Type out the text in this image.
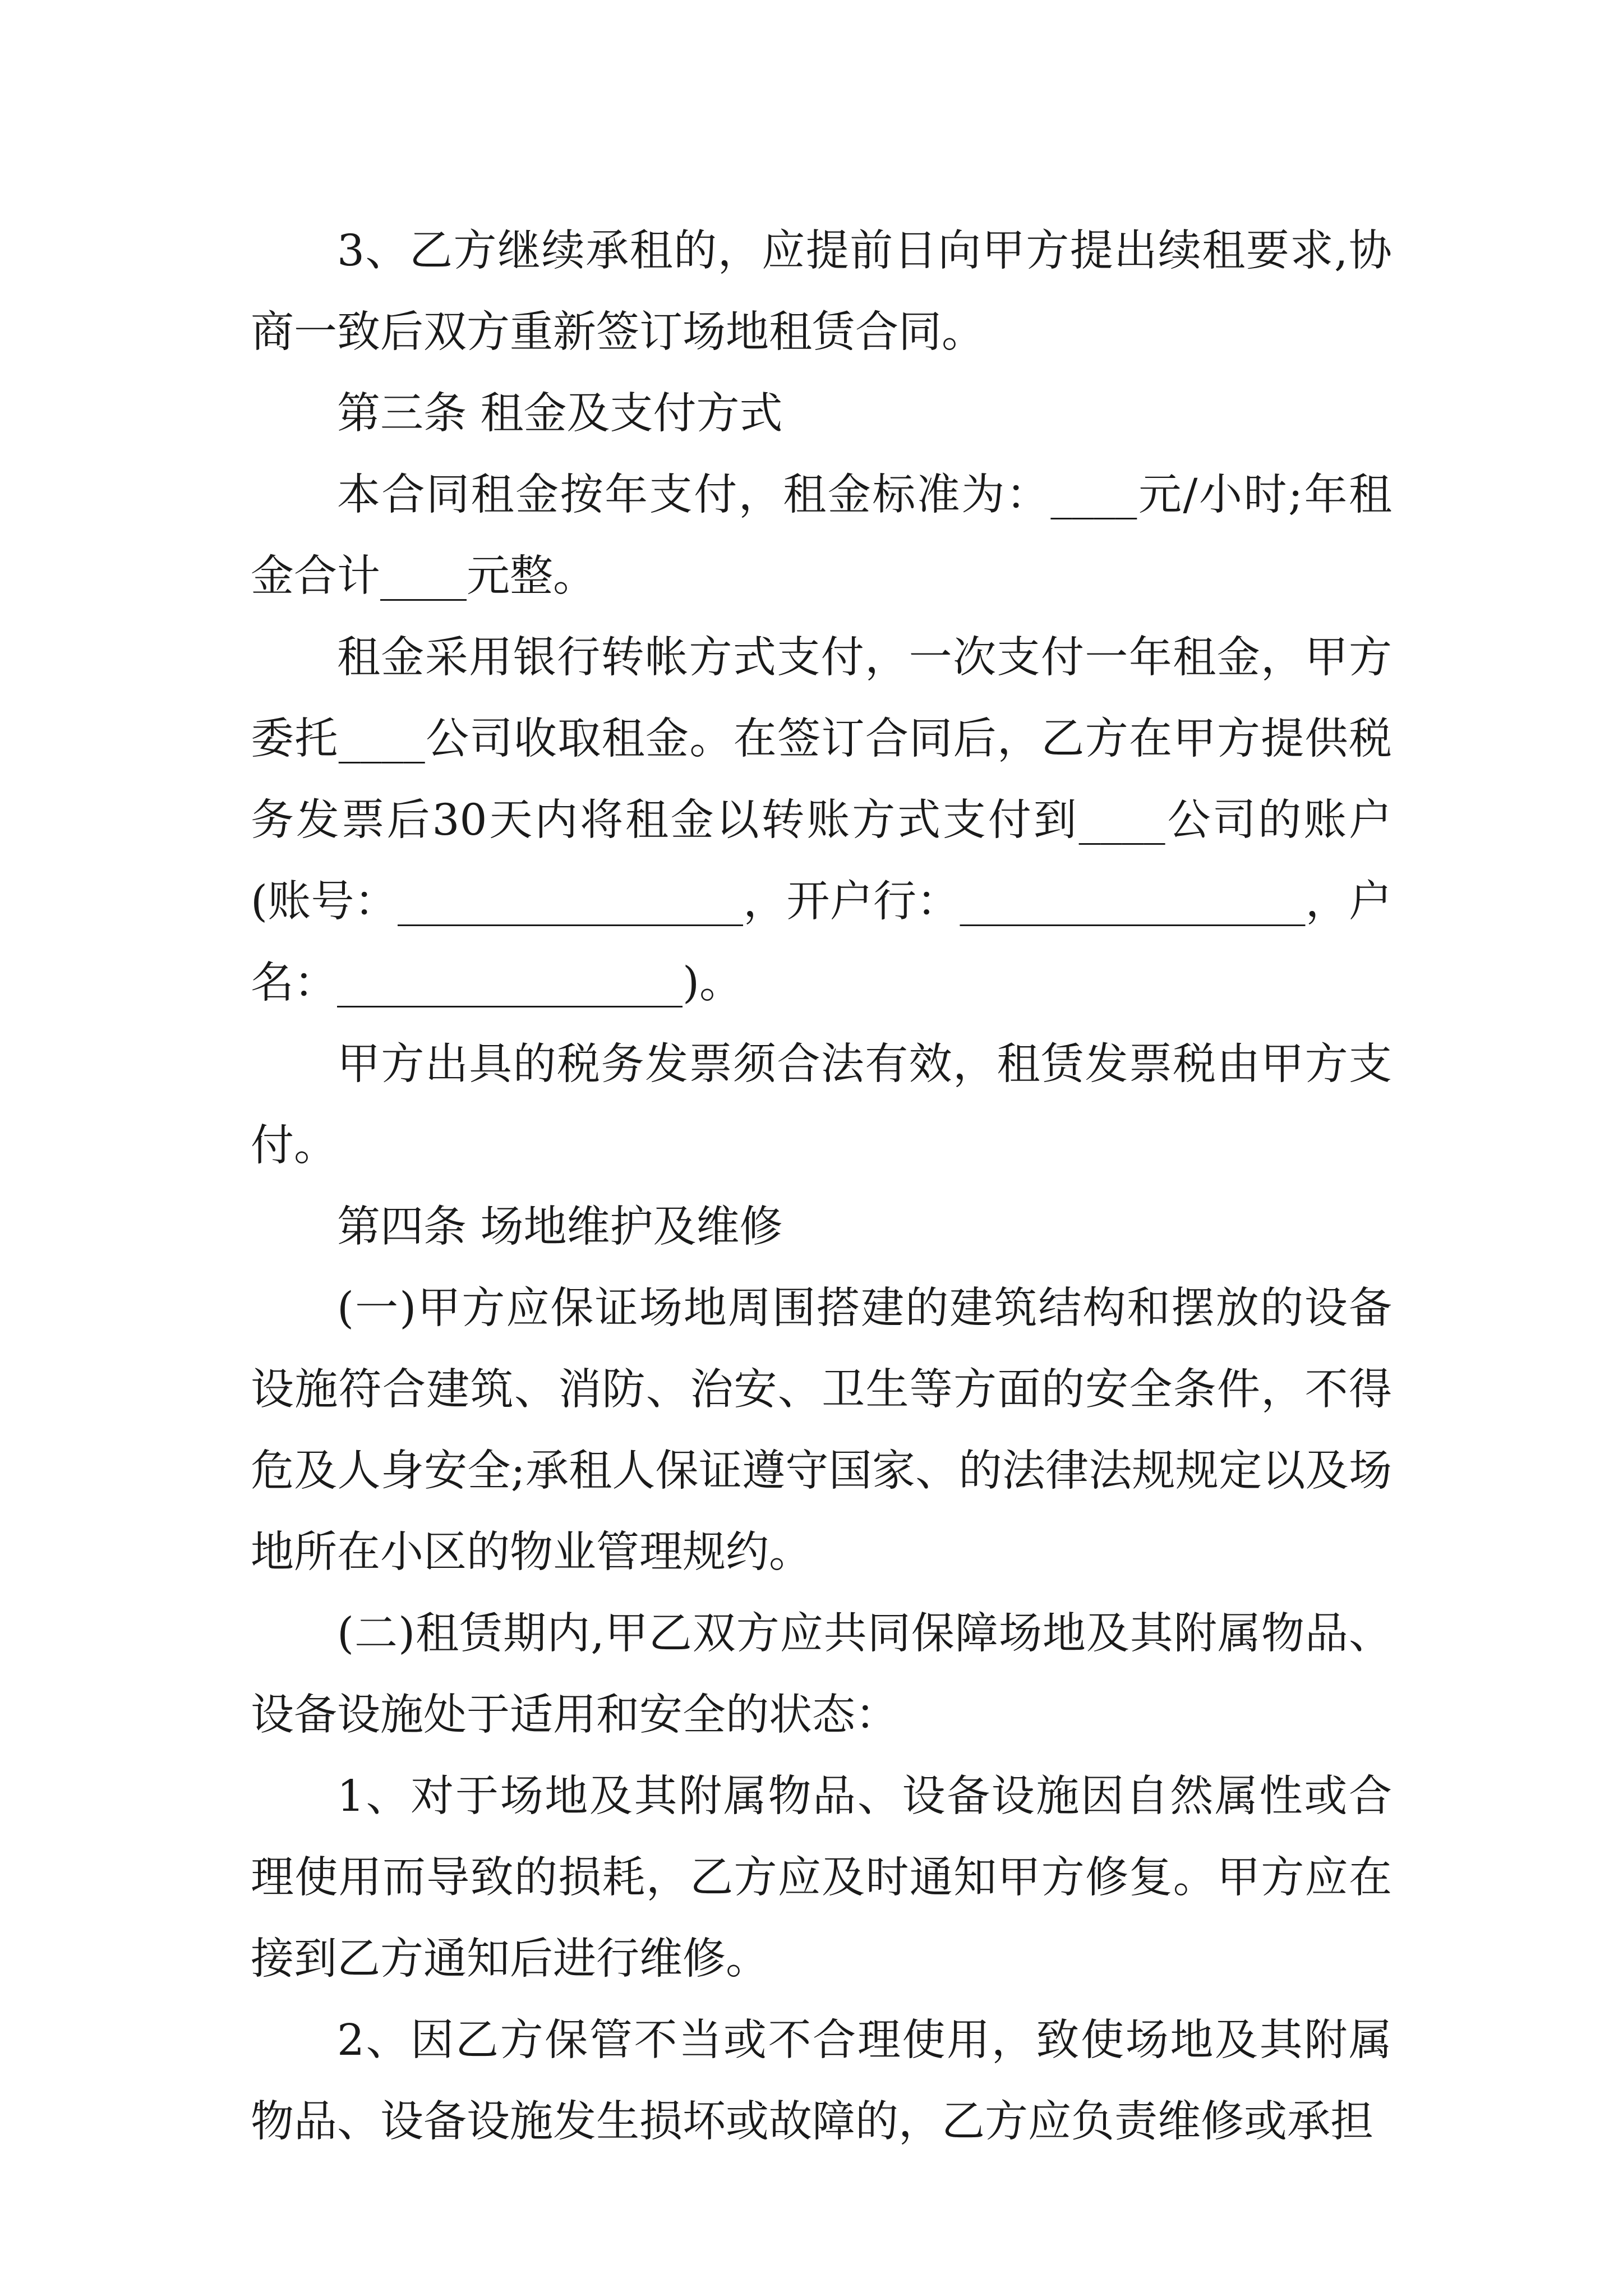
3、乙方继续承租的，应提前日向甲方提出续租要求,协商一致后双方重新签订场地租赁合同。

第三条 租金及支付方式

本合同租金按年支付，租金标准为：____元/小时;年租金合计____元整。

租金采用银行转帐方式支付，一次支付一年租金，甲方委托____公司收取租金。在签订合同后，乙方在甲方提供税务发票后30天内将租金以转账方式支付到____公司的账户(账号：________________，开户行：________________，户名：________________)。

甲方出具的税务发票须合法有效，租赁发票税由甲方支付。

第四条 场地维护及维修

(一)甲方应保证场地周围搭建的建筑结构和摆放的设备设施符合建筑、消防、治安、卫生等方面的安全条件，不得危及人身安全;承租人保证遵守国家、的法律法规规定以及场地所在小区的物业管理规约。

(二)租赁期内,甲乙双方应共同保障场地及其附属物品、设备设施处于适用和安全的状态：

1、对于场地及其附属物品、设备设施因自然属性或合理使用而导致的损耗，乙方应及时通知甲方修复。甲方应在接到乙方通知后进行维修。

2、因乙方保管不当或不合理使用，致使场地及其附属物品、设备设施发生损坏或故障的，乙方应负责维修或承担
